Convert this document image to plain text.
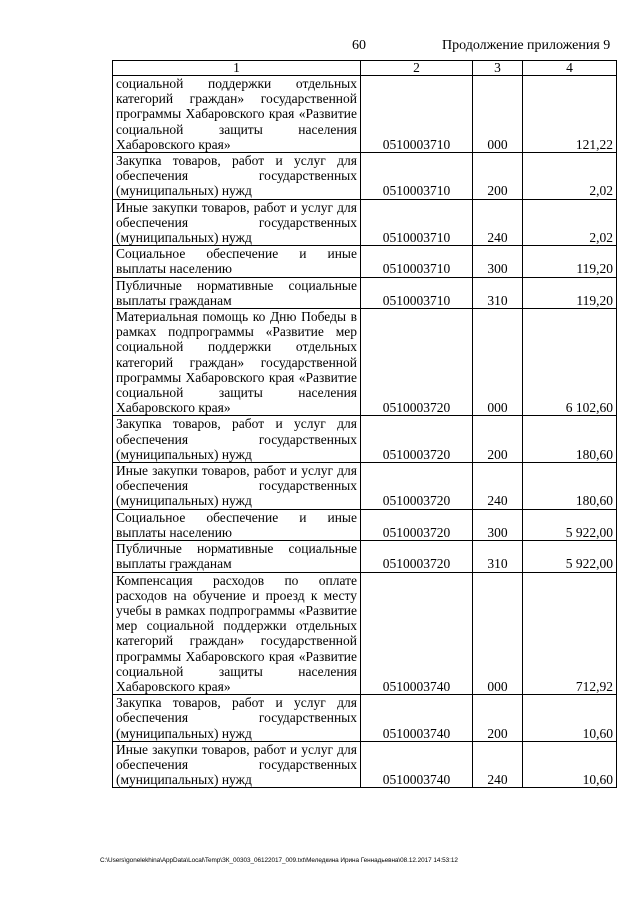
60	Продолжение приложения 9
1	2	3	4
социальной поддержки отдельных категорий граждан» государственной программы Хабаровского края «Развитие социальной защиты населения Хабаровского края»	0510003710	000	121,22
Закупка товаров, работ и услуг для обеспечения государственных (муниципальных) нужд	0510003710	200	2,02
Иные закупки товаров, работ и услуг для обеспечения государственных (муниципальных) нужд	0510003710	240	2,02
Социальное обеспечение и иные выплаты населению	0510003710	300	119,20
Публичные нормативные социальные выплаты гражданам	0510003710	310	119,20
Материальная помощь ко Дню Победы в рамках подпрограммы «Развитие мер социальной поддержки отдельных категорий граждан» государственной программы Хабаровского края «Развитие социальной защиты населения Хабаровского края»	0510003720	000	6 102,60
Закупка товаров, работ и услуг для обеспечения государственных (муниципальных) нужд	0510003720	200	180,60
Иные закупки товаров, работ и услуг для обеспечения государственных (муниципальных) нужд	0510003720	240	180,60
Социальное обеспечение и иные выплаты населению	0510003720	300	5 922,00
Публичные нормативные социальные выплаты гражданам	0510003720	310	5 922,00
Компенсация расходов по оплате расходов на обучение и проезд к месту учебы в рамках подпрограммы «Развитие мер социальной поддержки отдельных категорий граждан» государственной программы Хабаровского края «Развитие социальной защиты населения Хабаровского края»	0510003740	000	712,92
Закупка товаров, работ и услуг для обеспечения государственных (муниципальных) нужд	0510003740	200	10,60
Иные закупки товаров, работ и услуг для обеспечения государственных (муниципальных) нужд	0510003740	240	10,60
C:\Users\gonelekhina\AppData\Local\Temp\ЗК_00303_06122017_009.txt\Меледкина Ирина Геннадьевна\08.12.2017 14:53:12
